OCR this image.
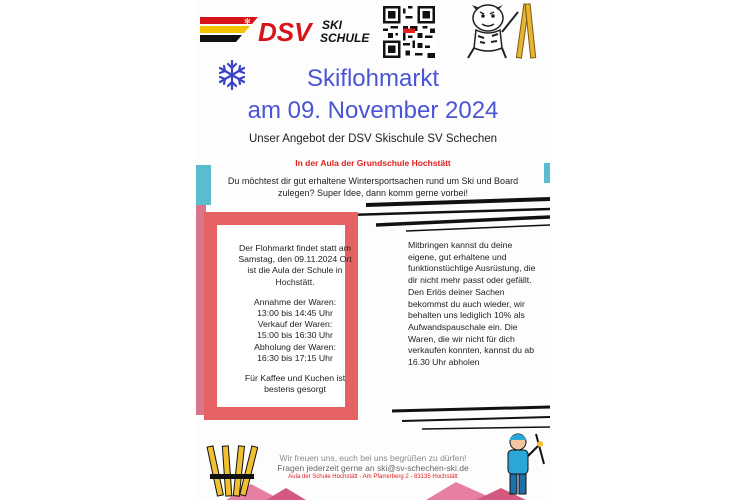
✻ DSV SKI
SCHULE
Skiflohmarkt
am 09. November 2024
Unser Angebot der DSV Skischule SV Schechen
In der Aula der Grundschule Hochstätt
Du möchtest dir gut erhaltene Wintersportsachen rund um Ski und Board zulegen? Super Idee, dann komm gerne vorbei!
Der Flohmarkt findet statt am Samstag, den 09.11.2024 Ort ist die Aula der Schule in Hochstätt.
Annahme der Waren:
13:00 bis 14:45 Uhr
Verkauf der Waren:
15:00 bis 16:30 Uhr
Abholung der Waren:
16:30 bis 17:15 Uhr
Für Kaffee und Kuchen ist bestens gesorgt
Mitbringen kannst du deine eigene, gut erhaltene und funktionstüchtige Ausrüstung, die dir nicht mehr passt oder gefällt. Den Erlös deiner Sachen bekommst du auch wieder, wir behalten uns lediglich 10% als Aufwandspauschale ein. Die Waren, die wir nicht für dich verkaufen konnten, kannst du ab 16.30 Uhr abholen
Wir freuen uns, euch bei uns begrüßen zu dürfen!
Fragen jederzeit gerne an ski@sv-schechen-ski.de
Aula der Schule Hochstätt - Am Pfarrerberg 2 - 83135 Hochstätt
